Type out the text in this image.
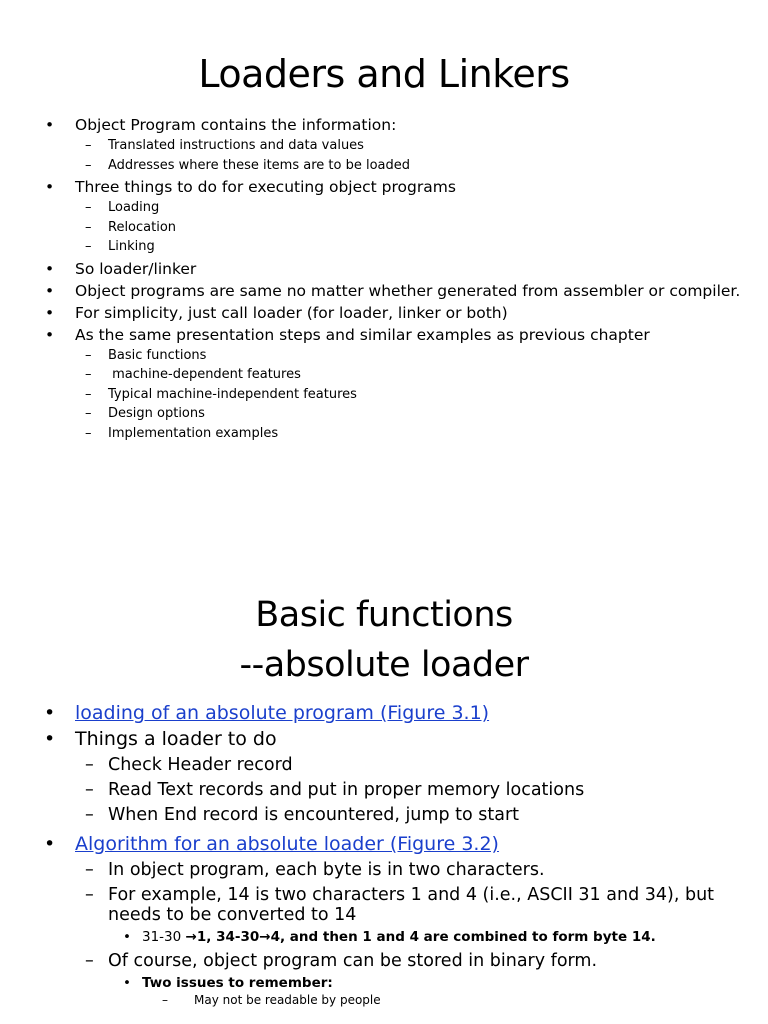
Loaders and Linkers
• Object Program contains the information:
– Translated instructions and data values
– Addresses where these items are to be loaded
• Three things to do for executing object programs
– Loading
– Relocation
– Linking
• So loader/linker
• Object programs are same no matter whether generated from assembler or compiler.
• For simplicity, just call loader (for loader, linker or both)
• As the same presentation steps and similar examples as previous chapter
– Basic functions
– machine-dependent features
– Typical machine-independent features
– Design options
– Implementation examples
Basic functions
--absolute loader
• loading of an absolute program (Figure 3.1)
• Things a loader to do
– Check Header record
– Read Text records and put in proper memory locations
– When End record is encountered, jump to start
• Algorithm for an absolute loader (Figure 3.2)
– In object program, each byte is in two characters.
– For example, 14 is two characters 1 and 4 (i.e., ASCII 31 and 34), but needs to be converted to 14
• 31-30 →1, 34-30→4, and then 1 and 4 are combined to form byte 14.
– Of course, object program can be stored in binary form.
• Two issues to remember:
– May not be readable by people
